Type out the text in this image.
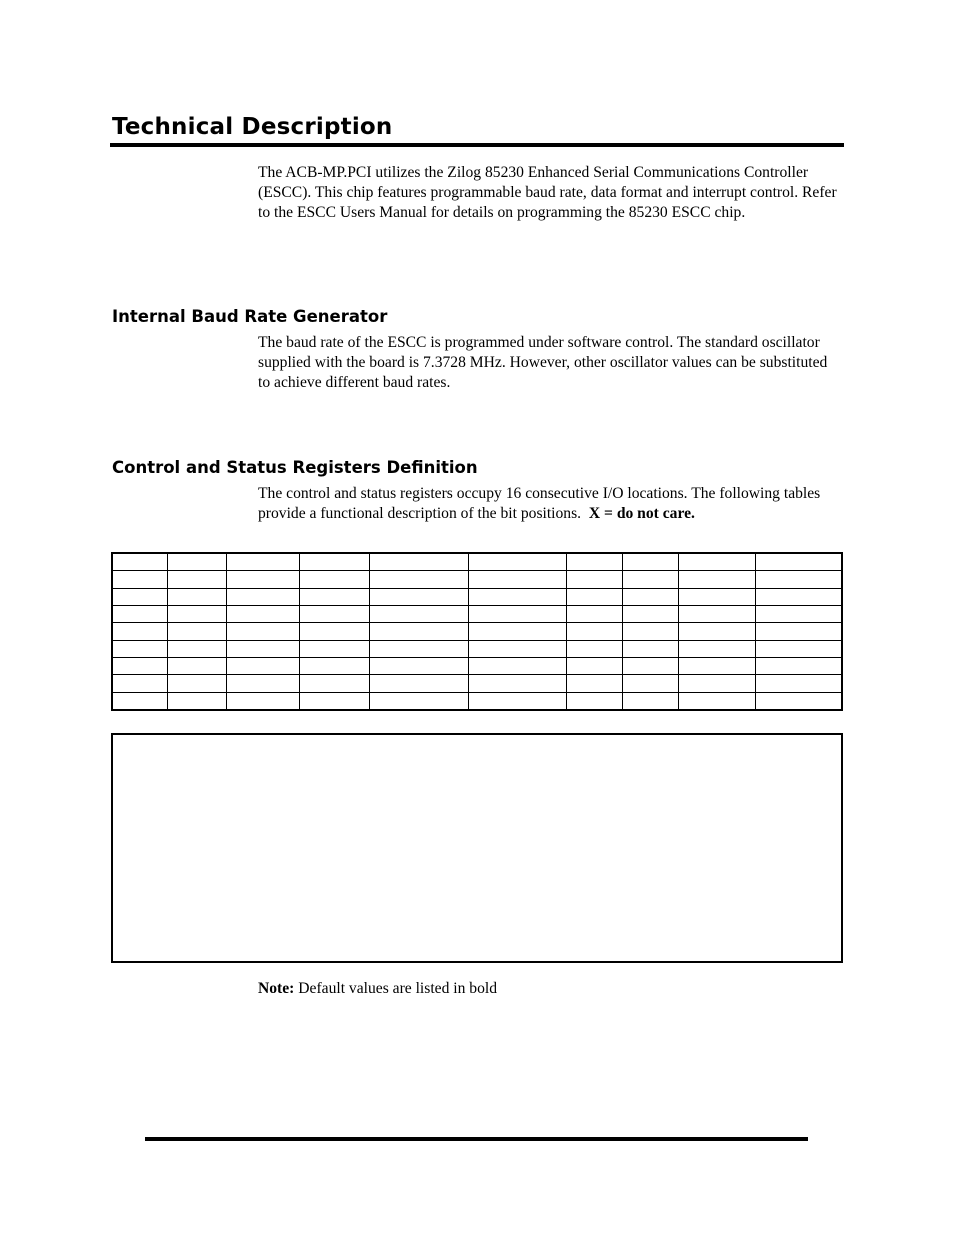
Technical Description

The ACB-MP.PCI utilizes the Zilog 85230 Enhanced Serial Communications Controller (ESCC). This chip features programmable baud rate, data format and interrupt control. Refer to the ESCC Users Manual for details on programming the 85230 ESCC chip.

Internal Baud Rate Generator

The baud rate of the ESCC is programmed under software control. The standard oscillator supplied with the board is 7.3728 MHz. However, other oscillator values can be substituted to achieve different baud rates.

Control and Status Registers Definition

The control and status registers occupy 16 consecutive I/O locations. The following tables provide a functional description of the bit positions. X = do not care.

Note: Default values are listed in bold
